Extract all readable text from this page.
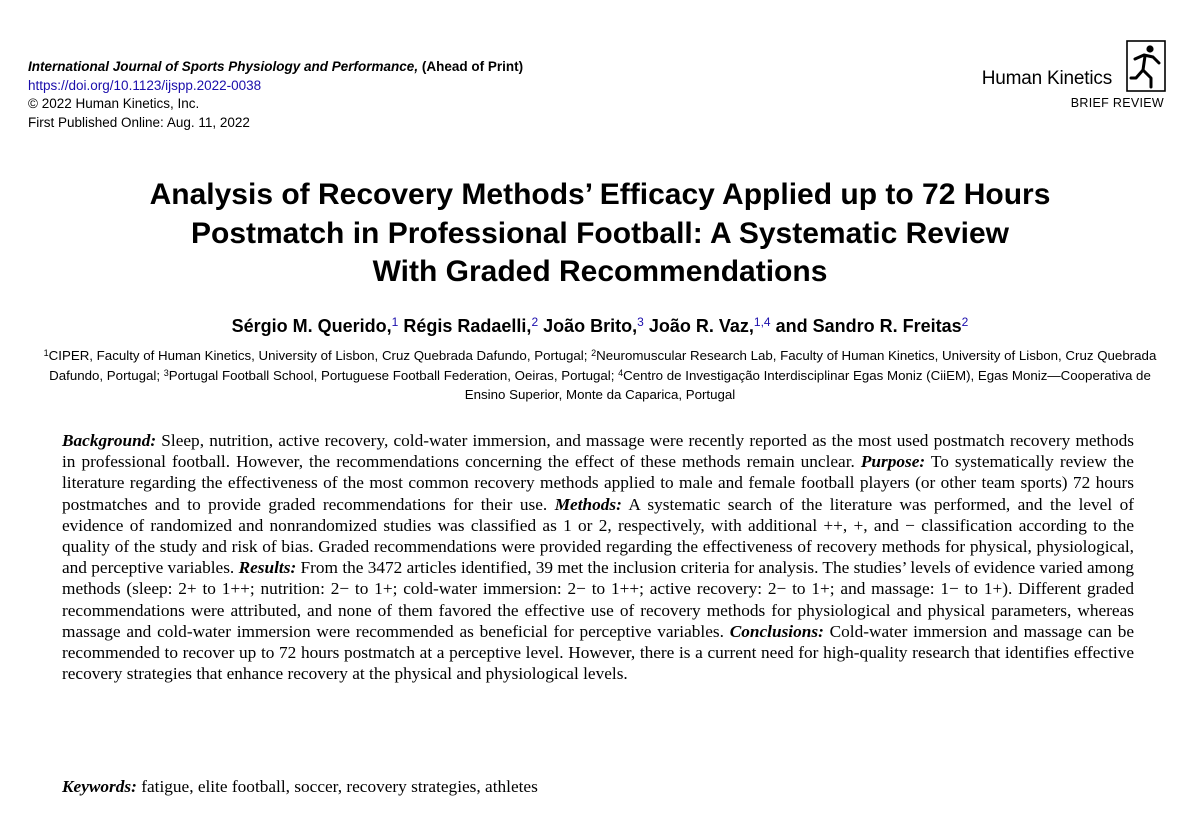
International Journal of Sports Physiology and Performance, (Ahead of Print)
https://doi.org/10.1123/ijspp.2022-0038
© 2022 Human Kinetics, Inc.
First Published Online: Aug. 11, 2022
Human Kinetics
BRIEF REVIEW
Analysis of Recovery Methods’ Efficacy Applied up to 72 Hours
Postmatch in Professional Football: A Systematic Review
With Graded Recommendations
Sérgio M. Querido,$^1$ Régis Radaelli,$^2$ João Brito,$^3$ João R. Vaz,$^{1,4}$ and Sandro R. Freitas$^2$
$^1$CIPER, Faculty of Human Kinetics, University of Lisbon, Cruz Quebrada Dafundo, Portugal; $^2$Neuromuscular Research Lab, Faculty of Human Kinetics, University of Lisbon, Cruz Quebrada Dafundo, Portugal; $^3$Portugal Football School, Portuguese Football Federation, Oeiras, Portugal; $^4$Centro de Investigação Interdisciplinar Egas Moniz (CiiEM), Egas Moniz—Cooperativa de Ensino Superior, Monte da Caparica, Portugal
Background: Sleep, nutrition, active recovery, cold-water immersion, and massage were recently reported as the most used postmatch recovery methods in professional football. However, the recommendations concerning the effect of these methods remain unclear. Purpose: To systematically review the literature regarding the effectiveness of the most common recovery methods applied to male and female football players (or other team sports) 72 hours postmatches and to provide graded recommendations for their use. Methods: A systematic search of the literature was performed, and the level of evidence of randomized and nonrandomized studies was classified as 1 or 2, respectively, with additional ++, +, and − classification according to the quality of the study and risk of bias. Graded recommendations were provided regarding the effectiveness of recovery methods for physical, physiological, and perceptive variables. Results: From the 3472 articles identified, 39 met the inclusion criteria for analysis. The studies’ levels of evidence varied among methods (sleep: 2+ to 1++; nutrition: 2− to 1+; cold-water immersion: 2− to 1++; active recovery: 2− to 1+; and massage: 1− to 1+). Different graded recommendations were attributed, and none of them favored the effective use of recovery methods for physiological and physical parameters, whereas massage and cold-water immersion were recommended as beneficial for perceptive variables. Conclusions: Cold-water immersion and massage can be recommended to recover up to 72 hours postmatch at a perceptive level. However, there is a current need for high-quality research that identifies effective recovery strategies that enhance recovery at the physical and physiological levels.
Keywords: fatigue, elite football, soccer, recovery strategies, athletes
